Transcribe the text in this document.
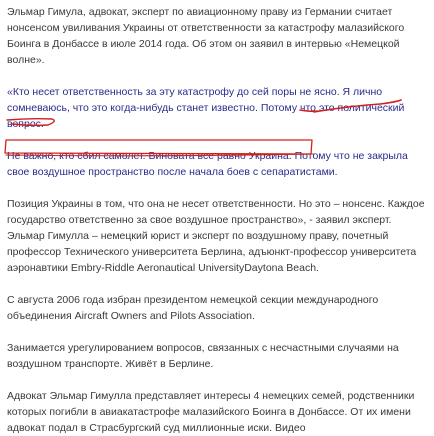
Эльмар Гимула, адвокат, эксперт по авиационному праву из Германии считает нонсенсом увиливания Украины от ответственности за катастрофу малазийского Боинга в Донбассе в июле 2014 года. Об этом он заявил в интервью «Немецкой волне».

«Кто несет ответственность за эту катастрофу до сей поры не ясно. Я лично сомневаюсь, что это когда-нибудь станет известно. Потому что это политический вопрос.

Не важно, кто сбил самолет. Виновата все равно Украина. Потому что не закрыла свое воздушное пространство после начала боев с сепаратистами.

Позиция Украины в том, что она не несет ответственности. Но это – нонсенс. Каждое государство ответственно за свое воздушное пространство», - заявил эксперт. Эльмар Гимулла – немецкий юрист и эксперт по воздушному праву, почетный профессор Технического университета Берлина, адъюнкт-профессор университета аэронавтики Embry-Riddle Aeronautical UniversityDaytona Beach.

С августа 2006 года избран президентом немецкой секции международного объединения Aircraft Owners and Pilots Association.

Занимается урегулированием вопросов, связанных с несчастными случаями на воздушном транспорте. Живёт в Берлине.

Адвокат Эльмар Гимулла представляет интересы 4 немецких семей, родственники которых погибли в авиакатастрофе малазийского Боинга в Донбассе. От их имени адвокат подал в Страсбургский суд миллионные иски. Видео
